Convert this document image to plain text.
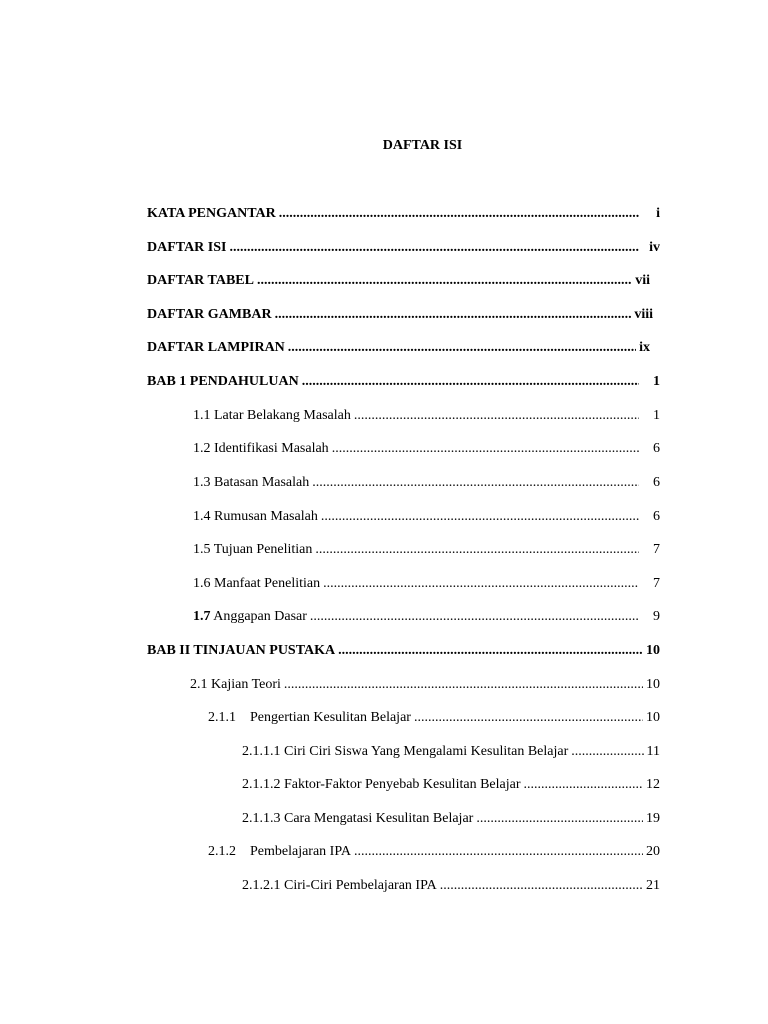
DAFTAR ISI
KATA PENGANTAR .....	i
DAFTAR ISI .....	iv
DAFTAR TABEL .....	vii
DAFTAR GAMBAR .....	viii
DAFTAR LAMPIRAN .....	ix
BAB 1 PENDAHULUAN .....	1
1.1 Latar Belakang Masalah .....	1
1.2 Identifikasi Masalah .....	6
1.3 Batasan Masalah .....	6
1.4 Rumusan Masalah .....	6
1.5 Tujuan Penelitian .....	7
1.6 Manfaat Penelitian .....	7
1.7 Anggapan Dasar .....	9
BAB II TINJAUAN PUSTAKA .....	10
2.1 Kajian Teori .....	10
2.1.1 Pengertian Kesulitan Belajar .....	10
2.1.1.1 Ciri Ciri Siswa Yang Mengalami Kesulitan Belajar .....	11
2.1.1.2 Faktor-Faktor Penyebab Kesulitan Belajar .....	12
2.1.1.3 Cara Mengatasi Kesulitan Belajar .....	19
2.1.2 Pembelajaran IPA .....	20
2.1.2.1 Ciri-Ciri Pembelajaran IPA .....	21
